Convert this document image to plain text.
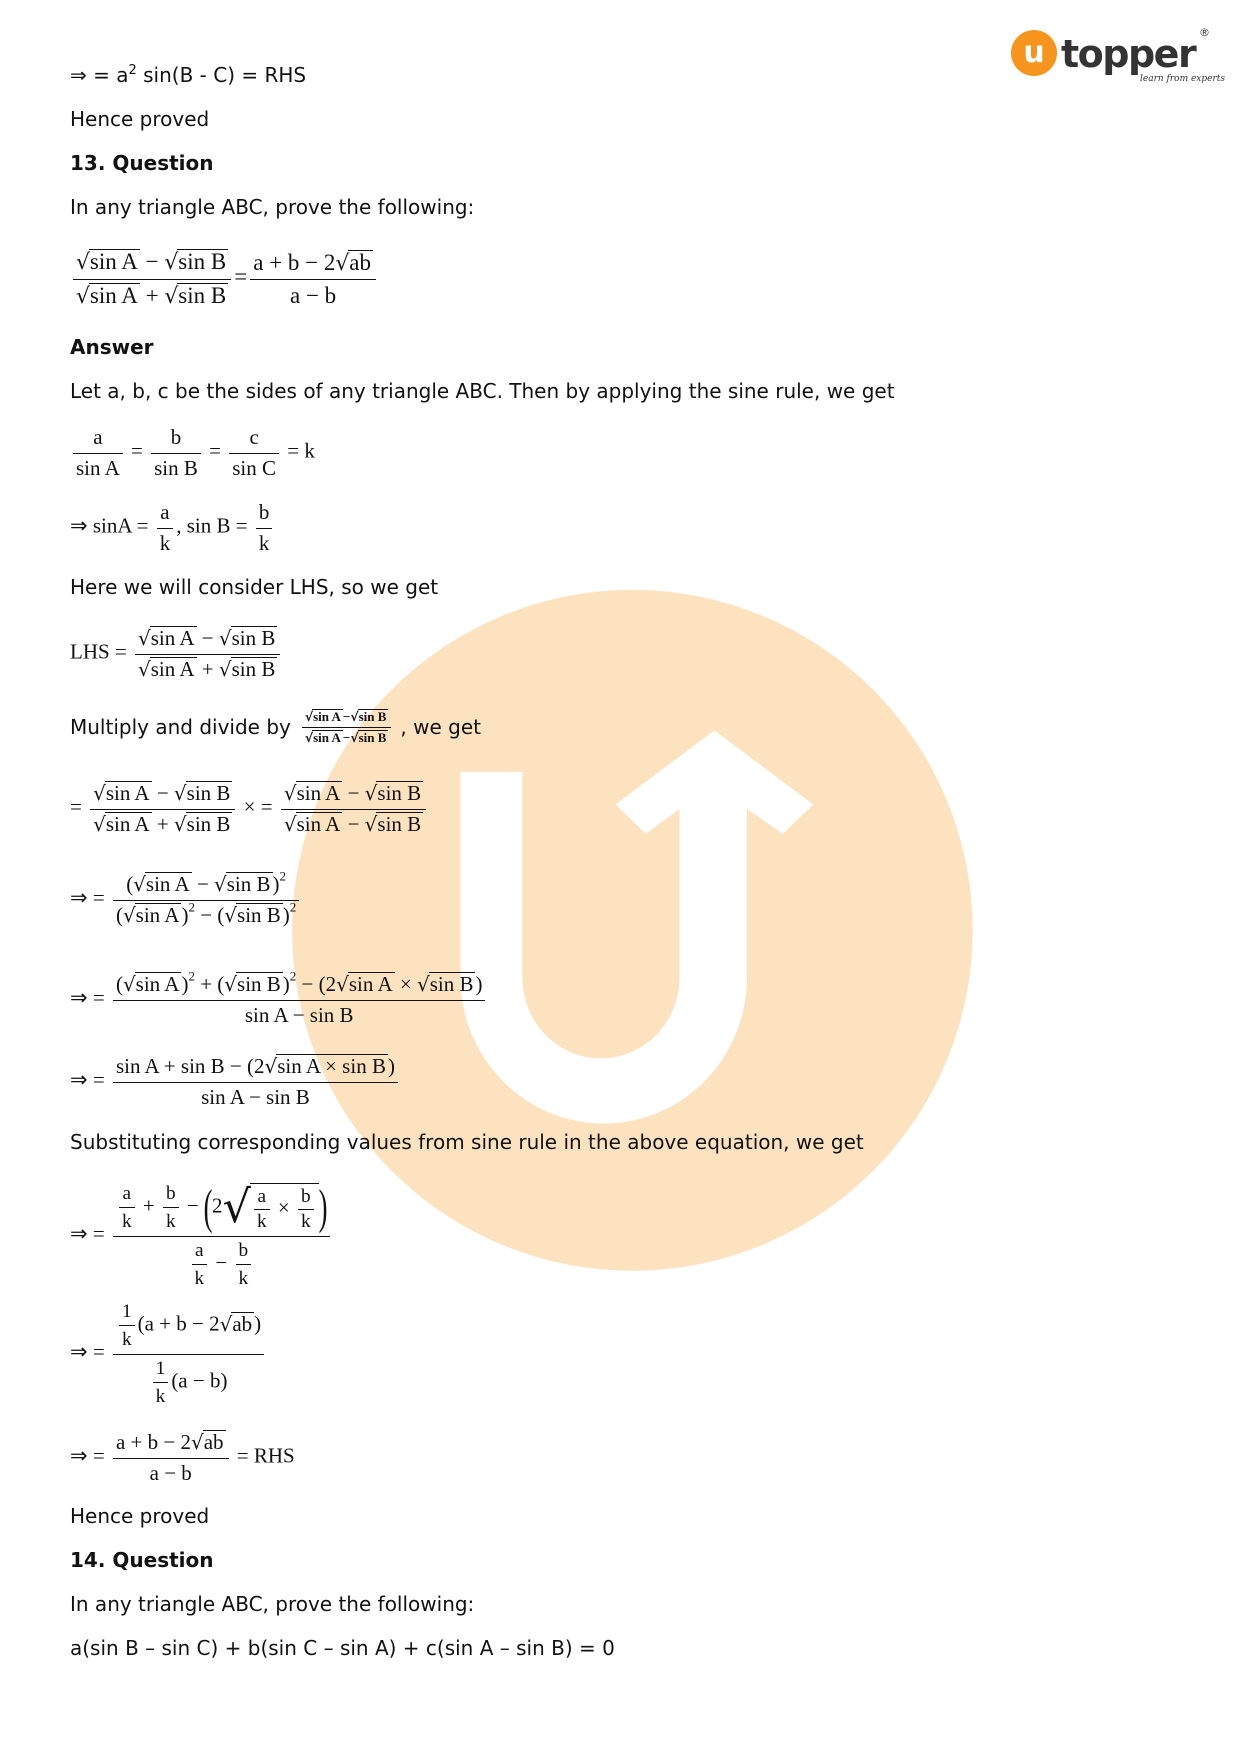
u topper ®
learn from experts
⇒ = $a^2$ sin(B - C) = RHS
Hence proved
13. Question
In any triangle ABC, prove the following:
$\frac{\text{√sin A − √sin B}}{\text{√sin A + √sin B}} = \frac{a + b - 2√ab}{a - b}$
Answer
Let a, b, c be the sides of any triangle ABC. Then by applying the sine rule, we get
$\frac{a}{\text{sin A}} = \frac{b}{\text{sin B}} = \frac{c}{\text{sin C}} = k$
⇒ $\sin A = \frac{a}{k}$ , $\sin B = \frac{b}{k}$
Here we will consider LHS, so we get
LHS = $\frac{\text{√sin A − √sin B}}{\text{√sin A + √sin B}}$
Multiply and divide by $\frac{\text{√sin A −√sin B}}{\text{√sin A −√sin B}}$ , we get
= $\frac{\text{√sin A − √sin B}}{\text{√sin A + √sin B}}$ × = $\frac{\text{√sin A − √sin B}}{\text{√sin A − √sin B}}$
⇒ = $\frac{(√\sin A - √\sin B)^2}{(√\sin A)^2 - (√\sin B)^2}$
⇒ = $\frac{(√\sin A)^2 + (√\sin B)^2 - (2√\sin A \times √\sin B)}{\text{sin A − sin B}}$
⇒ = $\frac{\text{sin A + sin B − (2√sin A × sin B)}}{\text{sin A − sin B}}$
Substituting corresponding values from sine rule in the above equation, we get
⇒ = $\frac{\frac{a}{k} + \frac{b}{k} - (2 √ \frac{a}{k} \times \frac{b}{k} )}{\frac{a}{k} - \frac{b}{k}}$
⇒ = $\frac{\frac{1}{k} (a + b - 2√ab)}{\frac{1}{k} (a - b)}$
⇒ = $\frac{a + b - 2√ab}{a - b}$ = RHS
Hence proved
14. Question
In any triangle ABC, prove the following:
a(sin B – sin C) + b(sin C – sin A) + c(sin A – sin B) = 0
